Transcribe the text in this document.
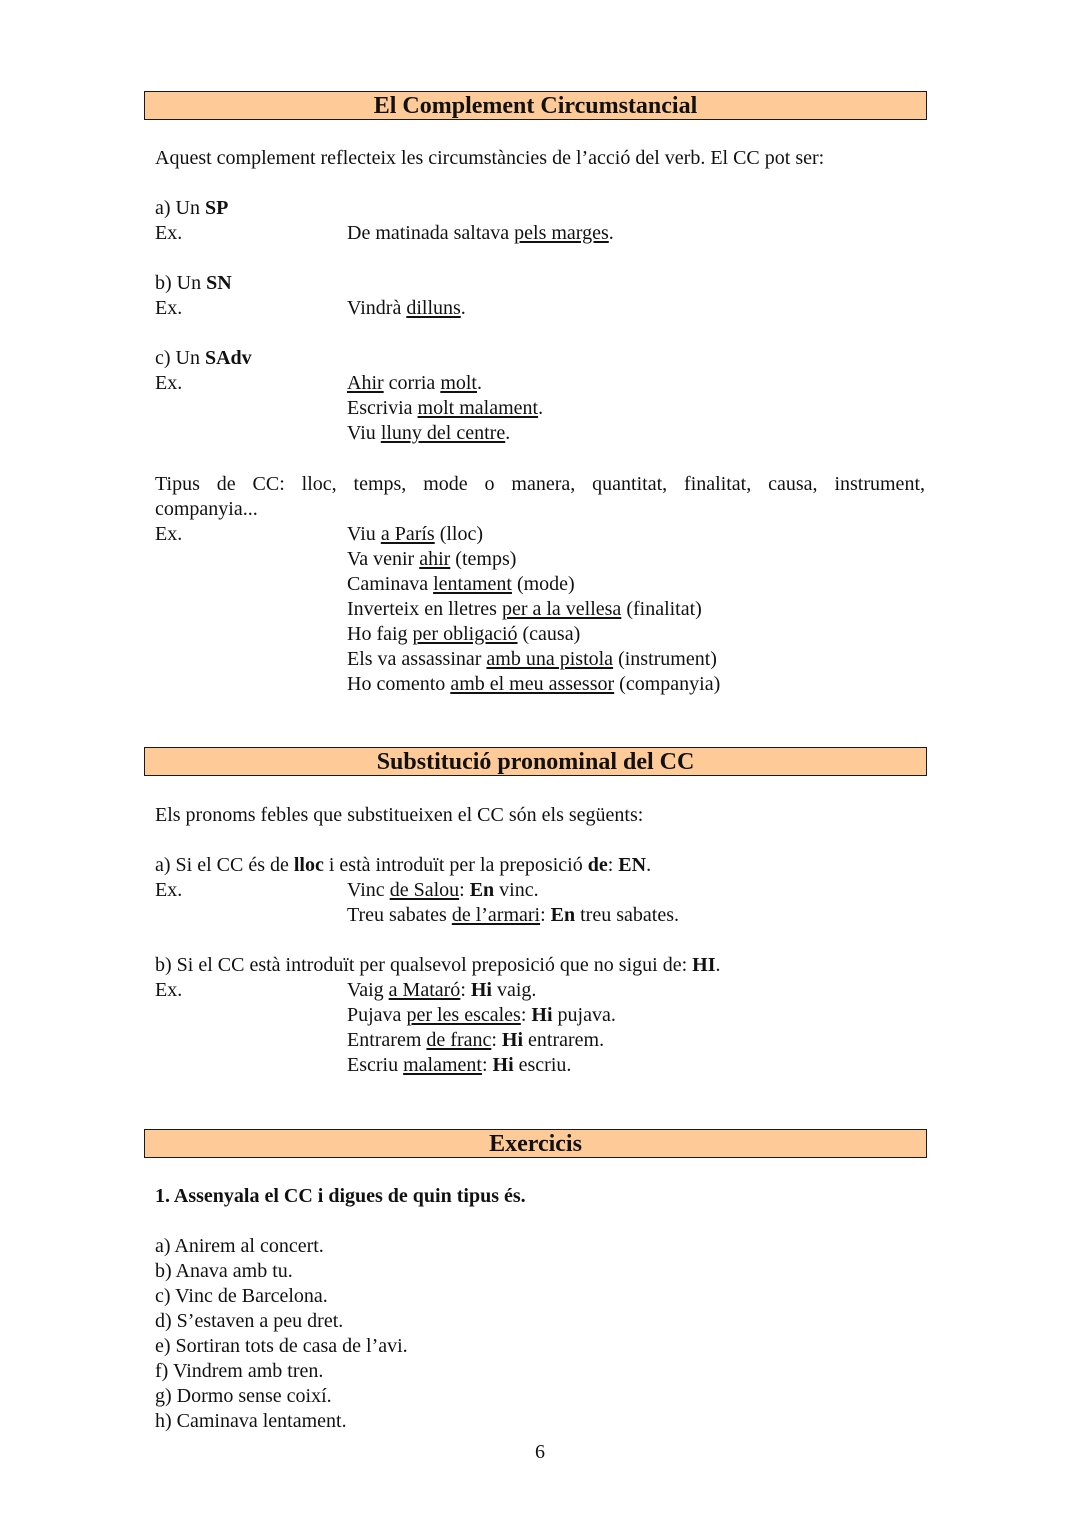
El Complement Circumstancial
Aquest complement reflecteix les circumstàncies de l’acció del verb. El CC pot ser:
a) Un SP
Ex.	De matinada saltava pels marges.
b) Un SN
Ex.	Vindrà dilluns.
c) Un SAdv
Ex.	Ahir corria molt.
Escrivia molt malament.
Viu lluny del centre.
Tipus de CC: lloc, temps, mode o manera, quantitat, finalitat, causa, instrument,
companyia...
Ex.	Viu a París (lloc)
Va venir ahir (temps)
Caminava lentament (mode)
Inverteix en lletres per a la vellesa (finalitat)
Ho faig per obligació (causa)
Els va assassinar amb una pistola (instrument)
Ho comento amb el meu assessor (companyia)
Substitució pronominal del CC
Els pronoms febles que substitueixen el CC són els següents:
a) Si el CC és de lloc i està introduït per la preposició de: EN.
Ex.	Vinc de Salou: En vinc.
Treu sabates de l’armari: En treu sabates.
b) Si el CC està introduït per qualsevol preposició que no sigui de: HI.
Ex.	Vaig a Mataró: Hi vaig.
Pujava per les escales: Hi pujava.
Entrarem de franc: Hi entrarem.
Escriu malament: Hi escriu.
Exercicis
1. Assenyala el CC i digues de quin tipus és.
a) Anirem al concert.
b) Anava amb tu.
c) Vinc de Barcelona.
d) S’estaven a peu dret.
e) Sortiran tots de casa de l’avi.
f) Vindrem amb tren.
g) Dormo sense coixí.
h) Caminava lentament.
6
